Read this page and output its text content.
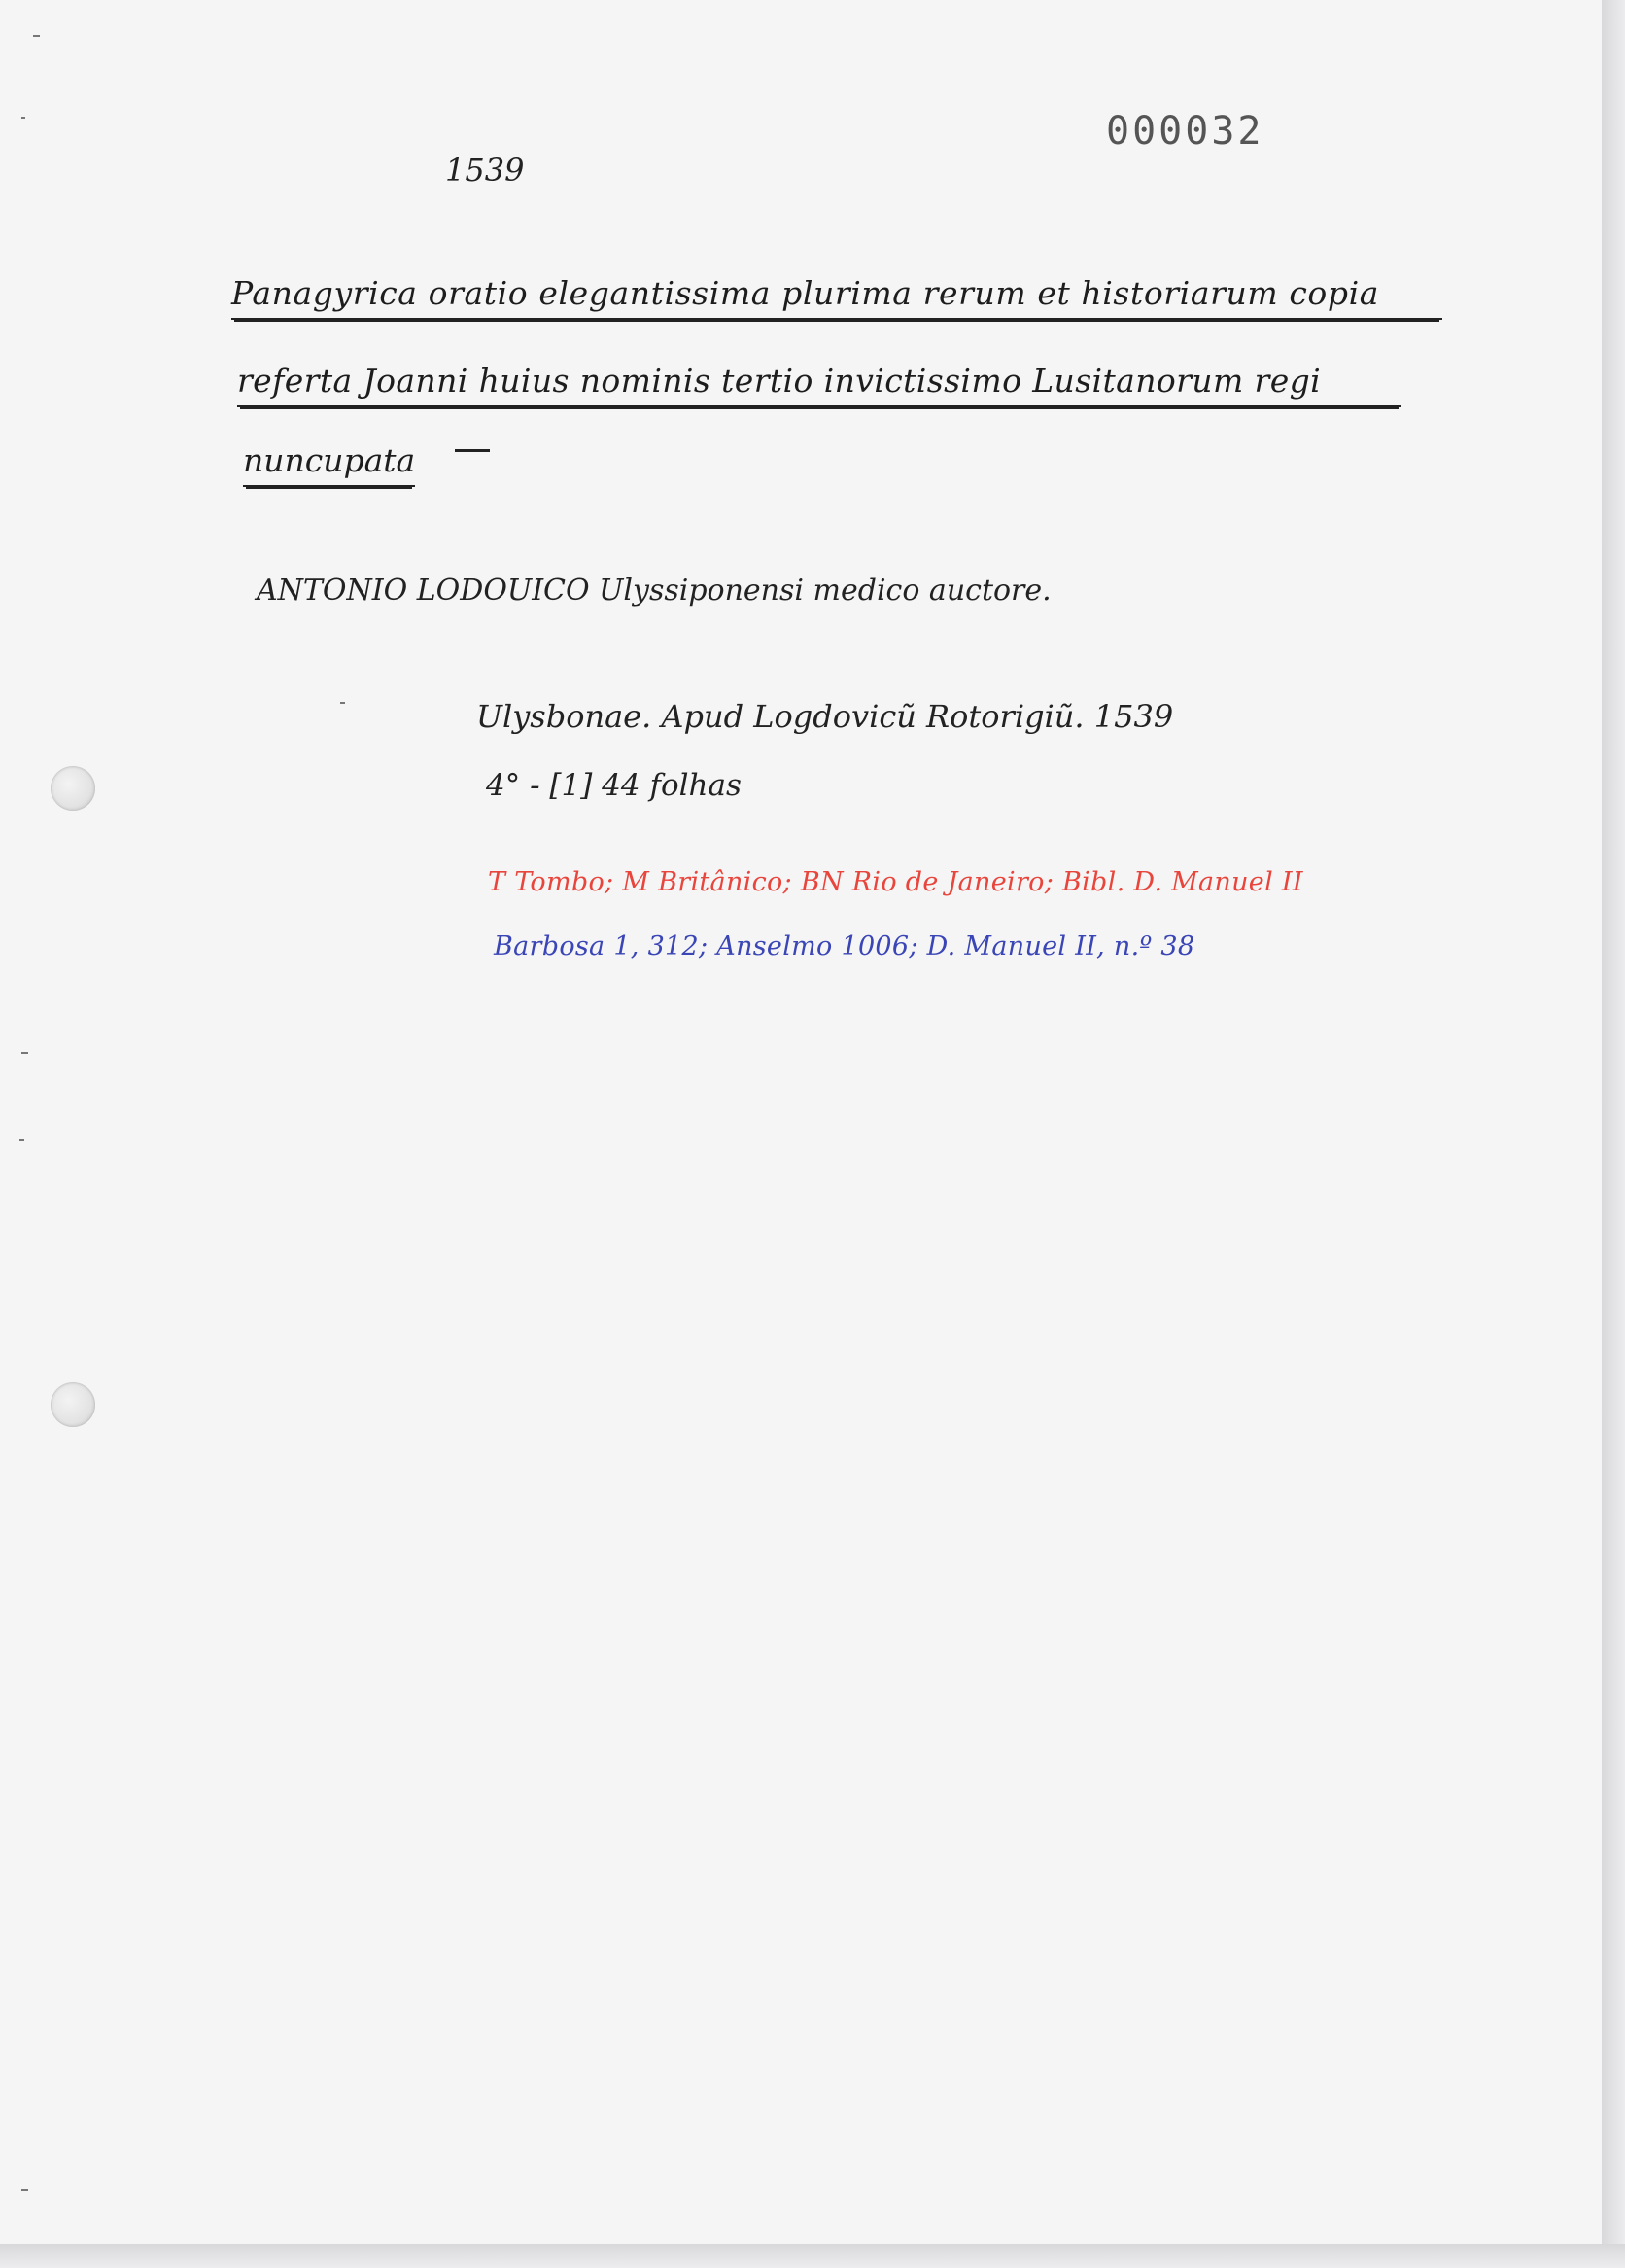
000032
1539
Panagyrica oratio elegantissima plurima rerum et historiarum copia
referta Joanni huius nominis tertio invictissimo Lusitanorum regi
nuncupata
ANTONIO LODOUICO Ulyssiponensi medico auctore.
Ulysbonae. Apud Logdovicũ Rotorigiũ. 1539
4° - [1] 44 folhas
T Tombo; M Britânico; BN Rio de Janeiro; Bibl. D. Manuel II
Barbosa 1, 312; Anselmo 1006; D. Manuel II, n.º 38
